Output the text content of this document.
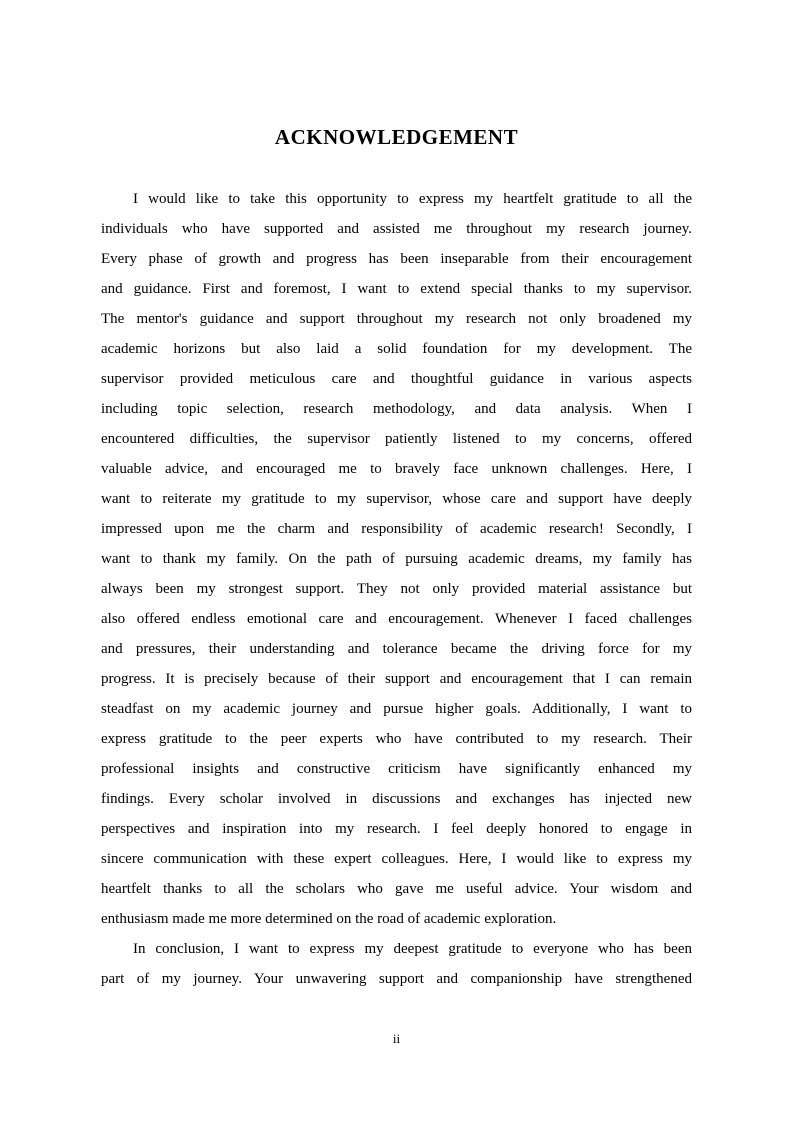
ACKNOWLEDGEMENT
I would like to take this opportunity to express my heartfelt gratitude to all the
individuals who have supported and assisted me throughout my research journey.
Every phase of growth and progress has been inseparable from their encouragement
and guidance. First and foremost, I want to extend special thanks to my supervisor.
The mentor's guidance and support throughout my research not only broadened my
academic horizons but also laid a solid foundation for my development. The
supervisor provided meticulous care and thoughtful guidance in various aspects
including topic selection, research methodology, and data analysis. When I
encountered difficulties, the supervisor patiently listened to my concerns, offered
valuable advice, and encouraged me to bravely face unknown challenges. Here, I
want to reiterate my gratitude to my supervisor, whose care and support have deeply
impressed upon me the charm and responsibility of academic research! Secondly, I
want to thank my family. On the path of pursuing academic dreams, my family has
always been my strongest support. They not only provided material assistance but
also offered endless emotional care and encouragement. Whenever I faced challenges
and pressures, their understanding and tolerance became the driving force for my
progress. It is precisely because of their support and encouragement that I can remain
steadfast on my academic journey and pursue higher goals. Additionally, I want to
express gratitude to the peer experts who have contributed to my research. Their
professional insights and constructive criticism have significantly enhanced my
findings. Every scholar involved in discussions and exchanges has injected new
perspectives and inspiration into my research. I feel deeply honored to engage in
sincere communication with these expert colleagues. Here, I would like to express my
heartfelt thanks to all the scholars who gave me useful advice. Your wisdom and
enthusiasm made me more determined on the road of academic exploration.
In conclusion, I want to express my deepest gratitude to everyone who has been
part of my journey. Your unwavering support and companionship have strengthened
ii
